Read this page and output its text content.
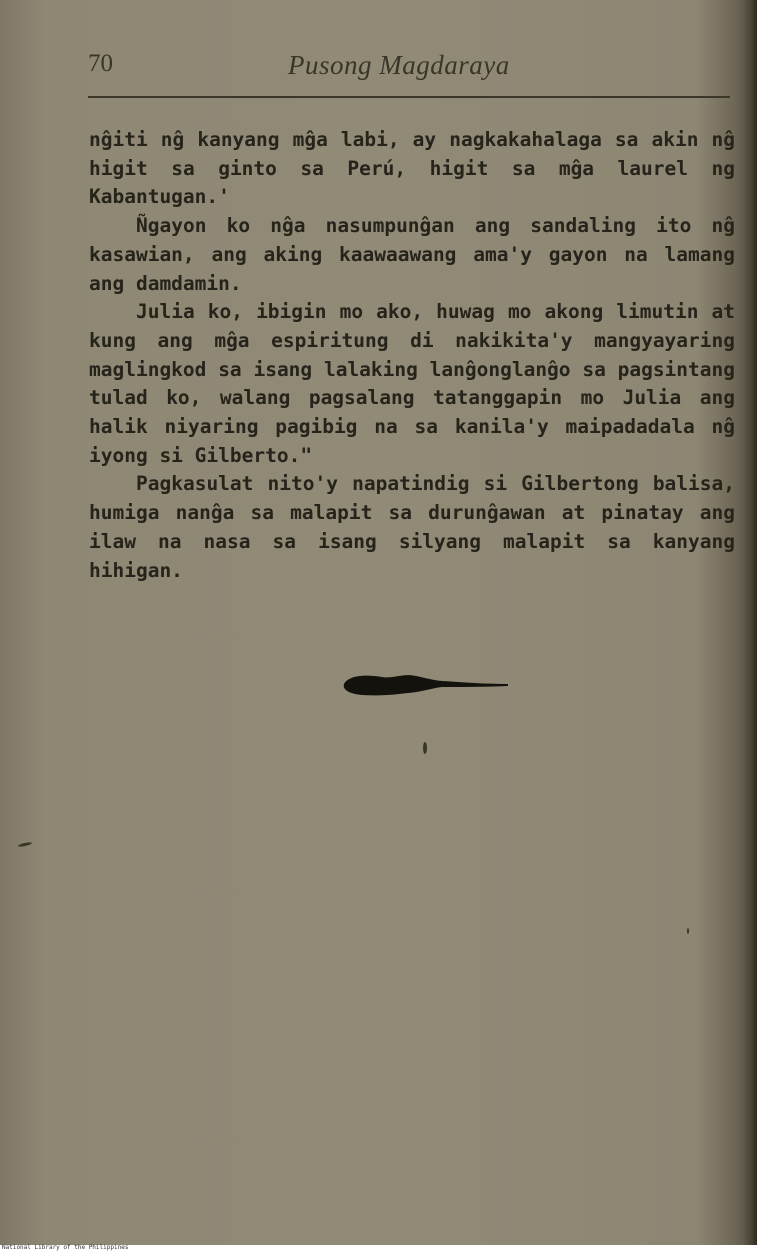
70	Pusong Magdaraya

nĝiti nĝ kanyang mĝa labi, ay nagkakahalaga sa akin nĝ higit sa ginto sa Perú, higit sa mĝa laurel ng Kabantugan.'

Ñgayon ko nĝa nasumpunĝan ang sandaling ito nĝ kasawian, ang aking kaawaawang ama'y gayon na lamang ang damdamin.

Julia ko, ibigin mo ako, huwag mo akong limutin at kung ang mĝa espiritung di nakikita'y mangyayaring maglingkod sa isang lalaking lanĝonglanĝo sa pagsintang tulad ko, walang pagsalang tatanggapin mo Julia ang halik niyaring pagibig na sa kanila'y maipadadala nĝ iyong si Gilberto."

Pagkasulat nito'y napatindig si Gilbertong balisa, humiga nanĝa sa malapit sa durunĝawan at pinatay ang ilaw na nasa sa isang silyang malapit sa kanyang hihigan.

National Library of the Philippines
